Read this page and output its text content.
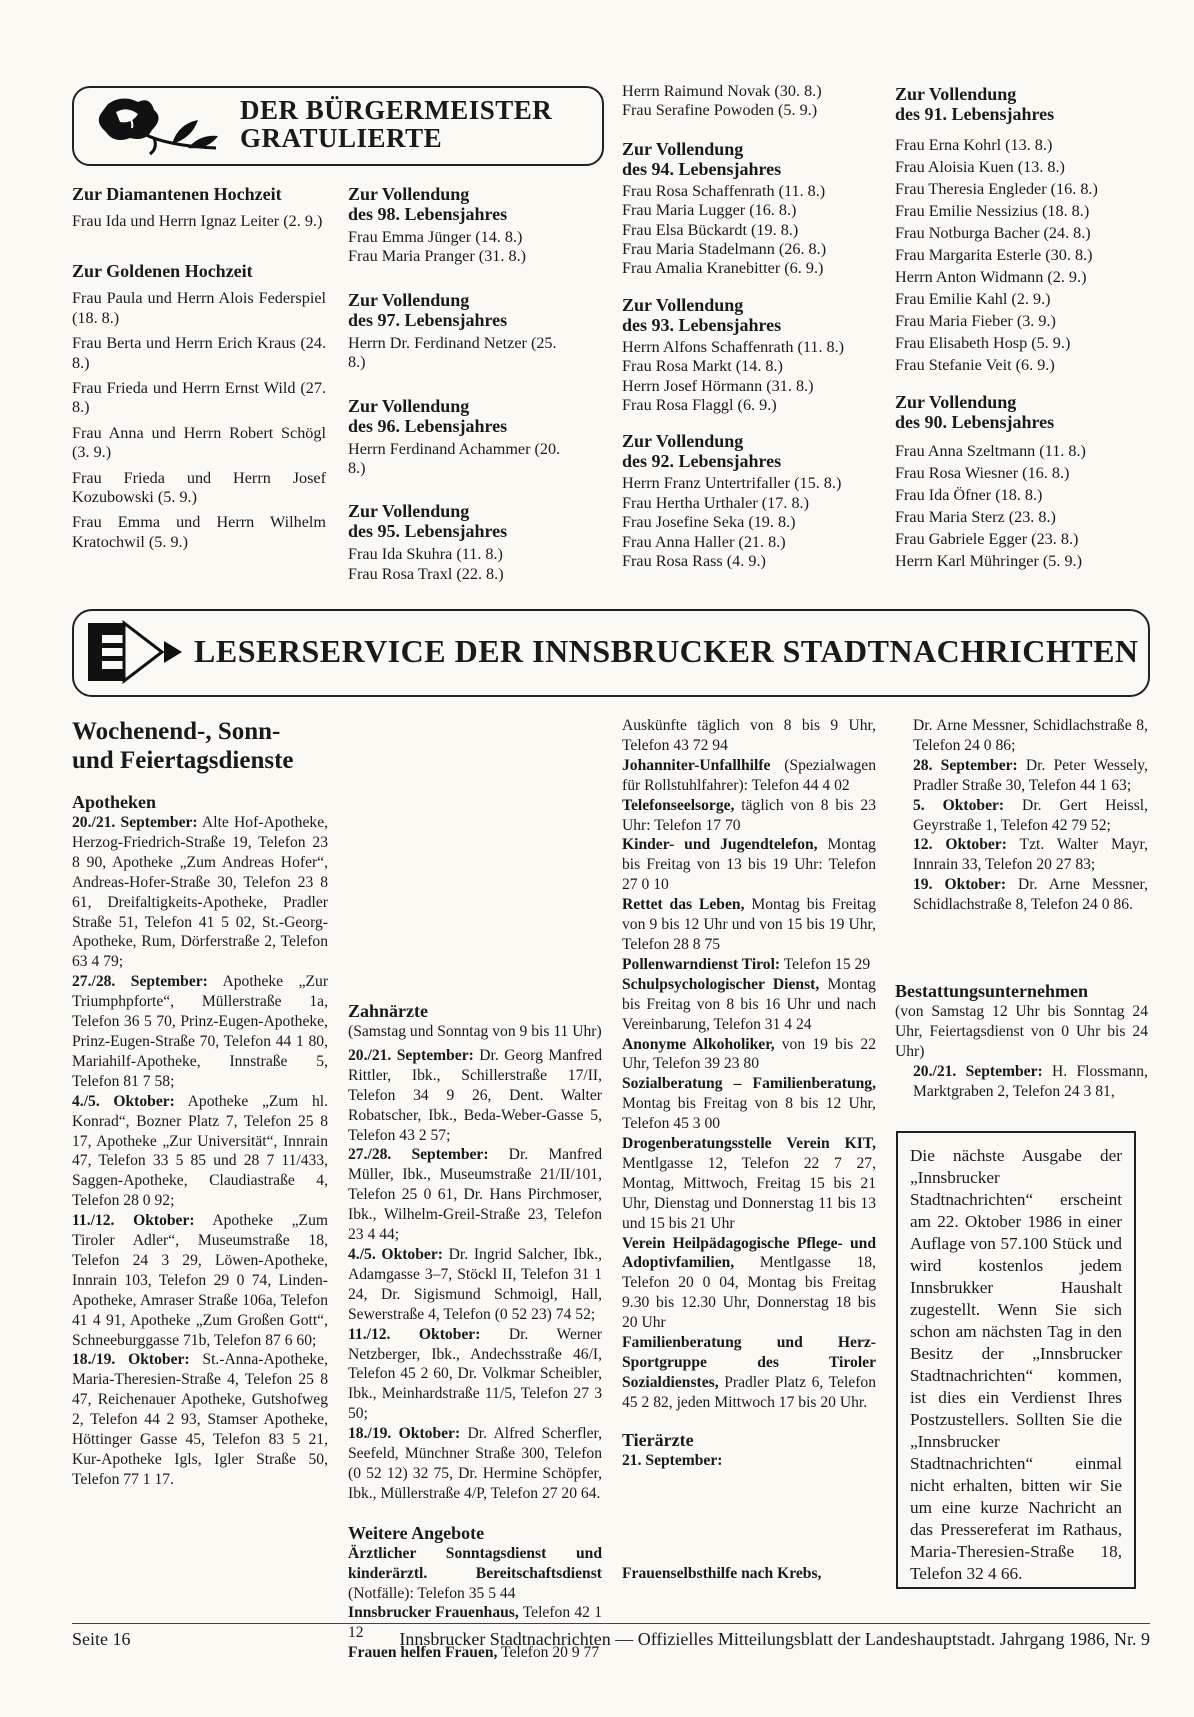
DER BÜRGERMEISTER
GRATULIERTE

Zur Diamantenen Hochzeit

Frau Ida und Herrn Ignaz Leiter (2. 9.)

Zur Goldenen Hochzeit

Frau Paula und Herrn Alois Federspiel (18. 8.)

Frau Berta und Herrn Erich Kraus (24. 8.)

Frau Frieda und Herrn Ernst Wild (27. 8.)

Frau Anna und Herrn Robert Schögl (3. 9.)

Frau Frieda und Herrn Josef Kozubowski (5. 9.)

Frau Emma und Herrn Wilhelm Kratochwil (5. 9.)

Zur Vollendung

des 98. Lebensjahres

Frau Emma Jünger (14. 8.)

Frau Maria Pranger (31. 8.)

Zur Vollendung

des 97. Lebensjahres

Herrn Dr. Ferdinand Netzer (25. 8.)

Zur Vollendung

des 96. Lebensjahres

Herrn Ferdinand Achammer (20. 8.)

Zur Vollendung

des 95. Lebensjahres

Frau Ida Skuhra (11. 8.)

Frau Rosa Traxl (22. 8.)

Herrn Raimund Novak (30. 8.)

Frau Serafine Powoden (5. 9.)

Zur Vollendung

des 94. Lebensjahres

Frau Rosa Schaffenrath (11. 8.)

Frau Maria Lugger (16. 8.)

Frau Elsa Bückardt (19. 8.)

Frau Maria Stadelmann (26. 8.)

Frau Amalia Kranebitter (6. 9.)

Zur Vollendung

des 93. Lebensjahres

Herrn Alfons Schaffenrath (11. 8.)

Frau Rosa Markt (14. 8.)

Herrn Josef Hörmann (31. 8.)

Frau Rosa Flaggl (6. 9.)

Zur Vollendung

des 92. Lebensjahres

Herrn Franz Untertrifaller (15. 8.)

Frau Hertha Urthaler (17. 8.)

Frau Josefine Seka (19. 8.)

Frau Anna Haller (21. 8.)

Frau Rosa Rass (4. 9.)

Zur Vollendung

des 91. Lebensjahres

Frau Erna Kohrl (13. 8.)

Frau Aloisia Kuen (13. 8.)

Frau Theresia Engleder (16. 8.)

Frau Emilie Nessizius (18. 8.)

Frau Notburga Bacher (24. 8.)

Frau Margarita Esterle (30. 8.)

Herrn Anton Widmann (2. 9.)

Frau Emilie Kahl (2. 9.)

Frau Maria Fieber (3. 9.)

Frau Elisabeth Hosp (5. 9.)

Frau Stefanie Veit (6. 9.)

Zur Vollendung

des 90. Lebensjahres

Frau Anna Szeltmann (11. 8.)

Frau Rosa Wiesner (16. 8.)

Frau Ida Öfner (18. 8.)

Frau Maria Sterz (23. 8.)

Frau Gabriele Egger (23. 8.)

Herrn Karl Mühringer (5. 9.)

LESERSERVICE DER INNSBRUCKER STADTNACHRICHTEN
Wochenend-, Sonn-
und Feiertagsdienste

Apotheken

20./21. September: Alte Hof-Apotheke, Herzog-Friedrich-Straße 19, Telefon 23 8 90, Apotheke „Zum Andreas Hofer“, Andreas-Hofer-Straße 30, Telefon 23 8 61, Dreifaltigkeits-Apotheke, Pradler Straße 51, Telefon 41 5 02, St.-Georg-Apotheke, Rum, Dörferstraße 2, Telefon 63 4 79;

27./28. September: Apotheke „Zur Triumphpforte“, Müllerstraße 1a, Telefon 36 5 70, Prinz-Eugen-Apotheke, Prinz-Eugen-Straße 70, Telefon 44 1 80, Mariahilf-Apotheke, Innstraße 5, Telefon 81 7 58;

4./5. Oktober: Apotheke „Zum hl. Konrad“, Bozner Platz 7, Telefon 25 8 17, Apotheke „Zur Universität“, Innrain 47, Telefon 33 5 85 und 28 7 11/433, Saggen-Apotheke, Claudiastraße 4, Telefon 28 0 92;

11./12. Oktober: Apotheke „Zum Tiroler Adler“, Museumstraße 18, Telefon 24 3 29, Löwen-Apotheke, Innrain 103, Telefon 29 0 74, Linden-Apotheke, Amraser Straße 106a, Telefon 41 4 91, Apotheke „Zum Großen Gott“, Schneeburggasse 71b, Telefon 87 6 60;

18./19. Oktober: St.-Anna-Apotheke, Maria-Theresien-Straße 4, Telefon 25 8 47, Reichenauer Apotheke, Gutshofweg 2, Telefon 44 2 93, Stamser Apotheke, Höttinger Gasse 45, Telefon 83 5 21, Kur-Apotheke Igls, Igler Straße 50, Telefon 77 1 17.

Zahnärzte

(Samstag und Sonntag von 9 bis 11 Uhr)

20./21. September: Dr. Georg Manfred Rittler, Ibk., Schillerstraße 17/II, Telefon 34 9 26, Dent. Walter Robatscher, Ibk., Beda-Weber-Gasse 5, Telefon 43 2 57;

27./28. September: Dr. Manfred Müller, Ibk., Museumstraße 21/II/101, Telefon 25 0 61, Dr. Hans Pirchmoser, Ibk., Wilhelm-Greil-Straße 23, Telefon 23 4 44;

4./5. Oktober: Dr. Ingrid Salcher, Ibk., Adamgasse 3–7, Stöckl II, Telefon 31 1 24, Dr. Sigismund Schmoigl, Hall, Sewerstraße 4, Telefon (0 52 23) 74 52;

11./12. Oktober: Dr. Werner Netzberger, Ibk., Andechsstraße 46/I, Telefon 45 2 60, Dr. Volkmar Scheibler, Ibk., Meinhardstraße 11/5, Telefon 27 3 50;

18./19. Oktober: Dr. Alfred Scherfler, Seefeld, Münchner Straße 300, Telefon (0 52 12) 32 75, Dr. Hermine Schöpfer, Ibk., Müllerstraße 4/P, Telefon 27 20 64.

Weitere Angebote

Ärztlicher Sonntagsdienst und kinderärztl. Bereitschaftsdienst (Notfälle): Telefon 35 5 44

Innsbrucker Frauenhaus, Telefon 42 1 12

Frauen helfen Frauen, Telefon 20 9 77

Frauenselbsthilfe nach Krebs,

Auskünfte täglich von 8 bis 9 Uhr, Telefon 43 72 94

Johanniter-Unfallhilfe (Spezialwagen für Rollstuhlfahrer): Telefon 44 4 02

Telefonseelsorge, täglich von 8 bis 23 Uhr: Telefon 17 70

Kinder- und Jugendtelefon, Montag bis Freitag von 13 bis 19 Uhr: Telefon 27 0 10

Rettet das Leben, Montag bis Freitag von 9 bis 12 Uhr und von 15 bis 19 Uhr, Telefon 28 8 75

Pollenwarndienst Tirol: Telefon 15 29

Schulpsychologischer Dienst, Montag bis Freitag von 8 bis 16 Uhr und nach Vereinbarung, Telefon 31 4 24

Anonyme Alkoholiker, von 19 bis 22 Uhr, Telefon 39 23 80

Sozialberatung – Familienberatung, Montag bis Freitag von 8 bis 12 Uhr, Telefon 45 3 00

Drogenberatungsstelle Verein KIT, Mentlgasse 12, Telefon 22 7 27, Montag, Mittwoch, Freitag 15 bis 21 Uhr, Dienstag und Donnerstag 11 bis 13 und 15 bis 21 Uhr

Verein Heilpädagogische Pflege- und Adoptivfamilien, Mentlgasse 18, Telefon 20 0 04, Montag bis Freitag 9.30 bis 12.30 Uhr, Donnerstag 18 bis 20 Uhr

Familienberatung und Herz-Sportgruppe des Tiroler Sozialdienstes, Pradler Platz 6, Telefon 45 2 82, jeden Mittwoch 17 bis 20 Uhr.

Tierärzte

21. September:

Dr. Arne Messner, Schidlachstraße 8, Telefon 24 0 86;

28. September: Dr. Peter Wessely, Pradler Straße 30, Telefon 44 1 63;

5. Oktober: Dr. Gert Heissl, Geyrstraße 1, Telefon 42 79 52;

12. Oktober: Tzt. Walter Mayr, Innrain 33, Telefon 20 27 83;

19. Oktober: Dr. Arne Messner, Schidlachstraße 8, Telefon 24 0 86.

Bestattungsunternehmen

(von Samstag 12 Uhr bis Sonntag 24 Uhr, Feiertagsdienst von 0 Uhr bis 24 Uhr)

20./21. September: H. Flossmann, Marktgraben 2, Telefon 24 3 81,

Die nächste Ausgabe der „Innsbrucker Stadtnachrichten“ erscheint am 22. Oktober 1986 in einer Auflage von 57.100 Stück und wird kostenlos jedem Innsbrukker Haushalt zugestellt. Wenn Sie sich schon am nächsten Tag in den Besitz der „Innsbrucker Stadtnachrichten“ kommen, ist dies ein Verdienst Ihres Postzustellers. Sollten Sie die „Innsbrucker Stadtnachrichten“ einmal nicht erhalten, bitten wir Sie um eine kurze Nachricht an das Pressereferat im Rathaus, Maria-Theresien-Straße 18, Telefon 32 4 66.
Seite 16	Innsbrucker Stadtnachrichten — Offizielles Mitteilungsblatt der Landeshauptstadt. Jahrgang 1986, Nr. 9
